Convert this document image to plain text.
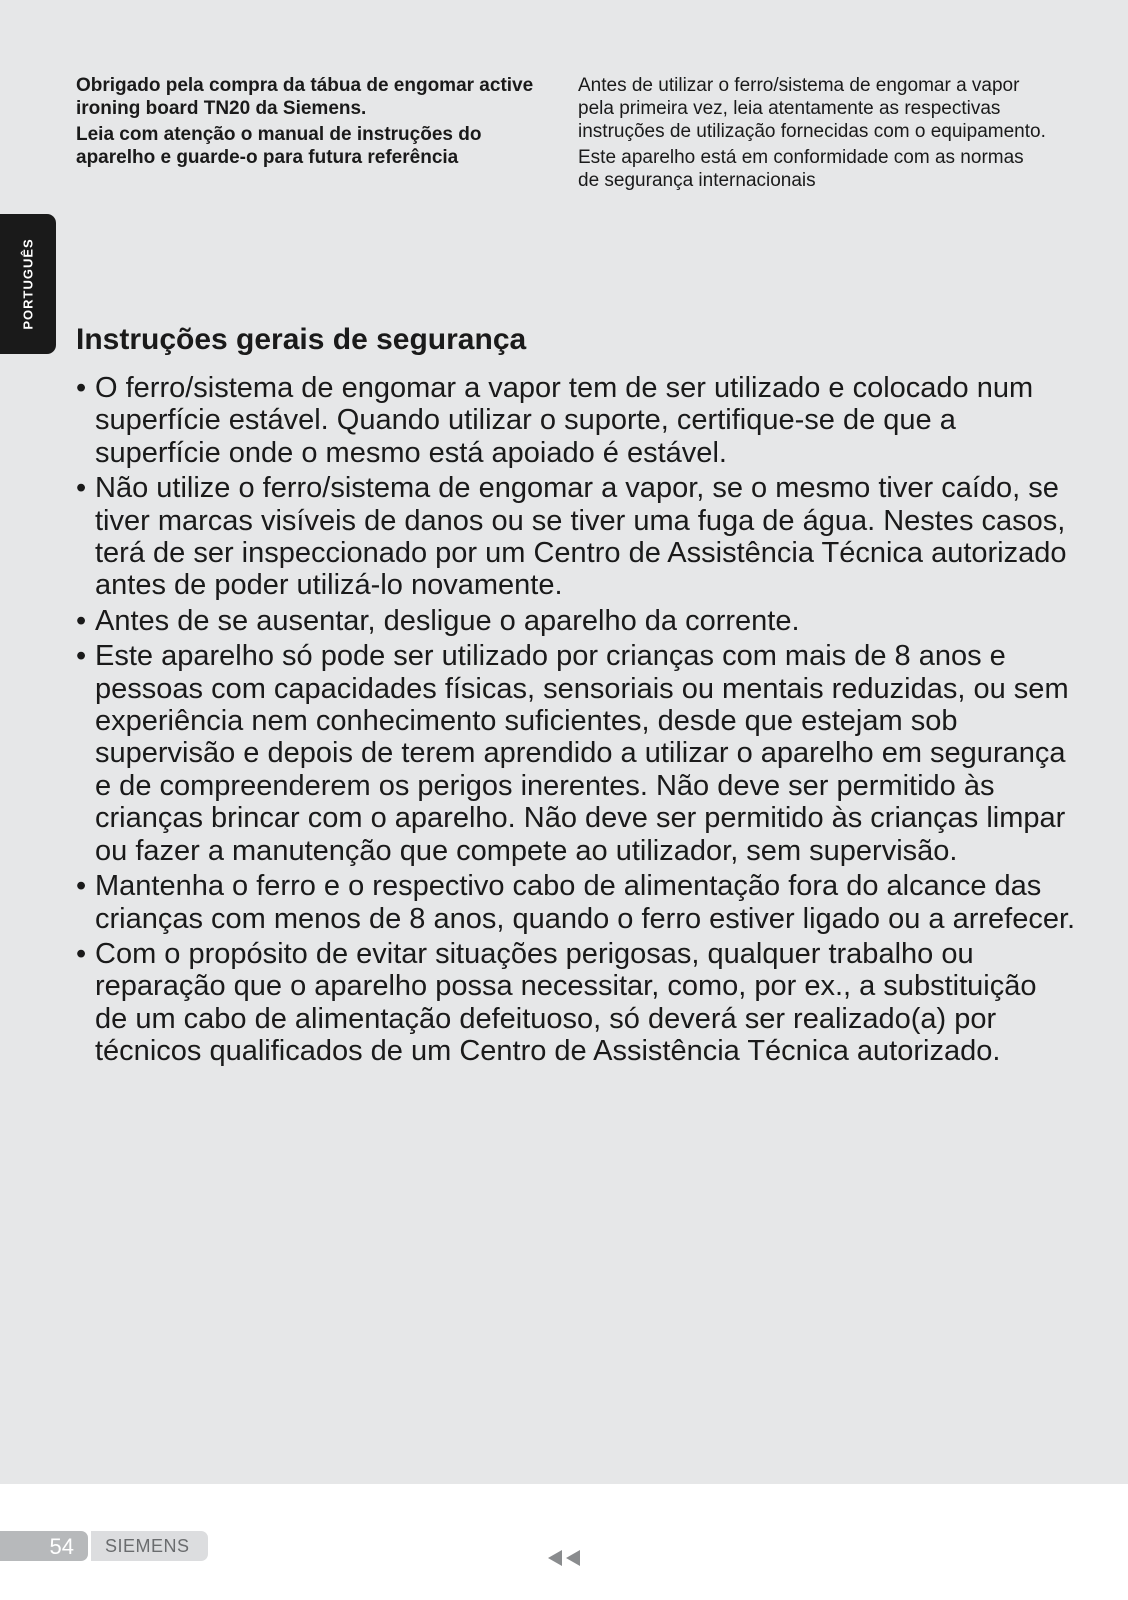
Obrigado pela compra da tábua de engomar active ironing board TN20 da Siemens.

Leia com atenção o manual de instruções do aparelho e guarde-o para futura referência

Antes de utilizar o ferro/sistema de engomar a vapor pela primeira vez, leia atentamente as respectivas instruções de utilização fornecidas com o equipamento.

Este aparelho está em conformidade com as normas de segurança internacionais

PORTUGUÊS
Instruções gerais de segurança
• O ferro/sistema de engomar a vapor tem de ser utilizado e colocado num superfície estável. Quando utilizar o suporte, certifique-se de que a superfície onde o mesmo está apoiado é estável.
• Não utilize o ferro/sistema de engomar a vapor, se o mesmo tiver caído, se tiver marcas visíveis de danos ou se tiver uma fuga de água. Nestes casos, terá de ser inspeccionado por um Centro de Assistência Técnica autorizado antes de poder utilizá-lo novamente.
• Antes de se ausentar, desligue o aparelho da corrente.
• Este aparelho só pode ser utilizado por crianças com mais de 8 anos e pessoas com capacidades físicas, sensoriais ou mentais reduzidas, ou sem experiência nem conhecimento suficientes, desde que estejam sob supervisão e depois de terem aprendido a utilizar o aparelho em segurança e de compreenderem os perigos inerentes. Não deve ser permitido às crianças brincar com o aparelho. Não deve ser permitido às crianças limpar ou fazer a manutenção que compete ao utilizador, sem supervisão.
• Mantenha o ferro e o respectivo cabo de alimentação fora do alcance das crianças com menos de 8 anos, quando o ferro estiver ligado ou a arrefecer.
• Com o propósito de evitar situações perigosas, qualquer trabalho ou reparação que o aparelho possa necessitar, como, por ex., a substituição de um cabo de alimentação defeituoso, só deverá ser realizado(a) por técnicos qualificados de um Centro de Assistência Técnica autorizado.
54 SIEMENS
